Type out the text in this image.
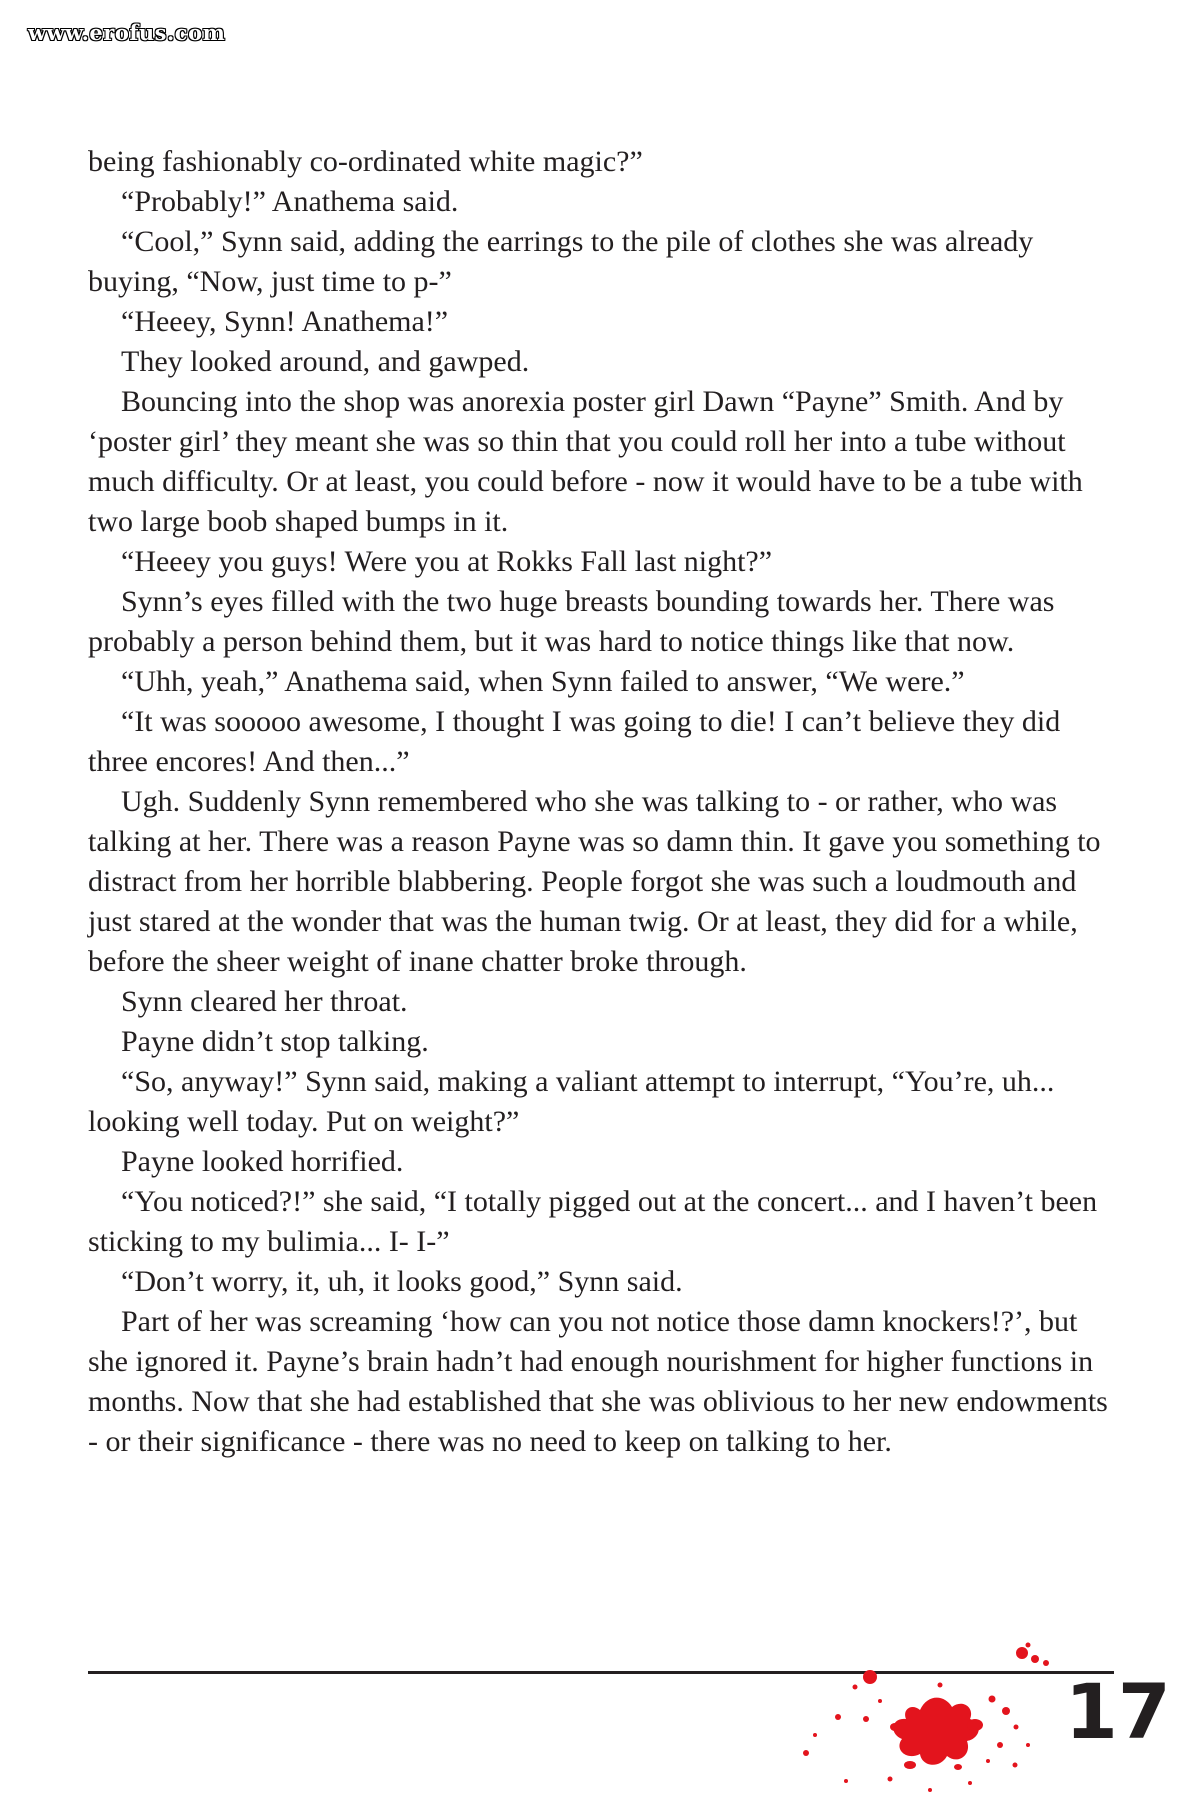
www.erofus.com

being fashionably co-ordinated white magic?”

“Probably!” Anathema said.

“Cool,” Synn said, adding the earrings to the pile of clothes she was already buying, “Now, just time to p-”

“Heeey, Synn! Anathema!”

They looked around, and gawped.

Bouncing into the shop was anorexia poster girl Dawn “Payne” Smith. And by ‘poster girl’ they meant she was so thin that you could roll her into a tube without much difficulty. Or at least, you could before - now it would have to be a tube with two large boob shaped bumps in it.

“Heeey you guys! Were you at Rokks Fall last night?”

Synn’s eyes filled with the two huge breasts bounding towards her. There was probably a person behind them, but it was hard to notice things like that now.

“Uhh, yeah,” Anathema said, when Synn failed to answer, “We were.”

“It was sooooo awesome, I thought I was going to die! I can’t believe they did three encores! And then...”

Ugh. Suddenly Synn remembered who she was talking to - or rather, who was talking at her. There was a reason Payne was so damn thin. It gave you something to distract from her horrible blabbering. People forgot she was such a loudmouth and just stared at the wonder that was the human twig. Or at least, they did for a while, before the sheer weight of inane chatter broke through.

Synn cleared her throat.

Payne didn’t stop talking.

“So, anyway!” Synn said, making a valiant attempt to interrupt, “You’re, uh... looking well today. Put on weight?”

Payne looked horrified.

“You noticed?!” she said, “I totally pigged out at the concert... and I haven’t been sticking to my bulimia... I- I-”

“Don’t worry, it, uh, it looks good,” Synn said.

Part of her was screaming ‘how can you not notice those damn knockers!?’, but she ignored it. Payne’s brain hadn’t had enough nourishment for higher functions in months. Now that she had established that she was oblivious to her new endowments - or their significance - there was no need to keep on talking to her.

17
